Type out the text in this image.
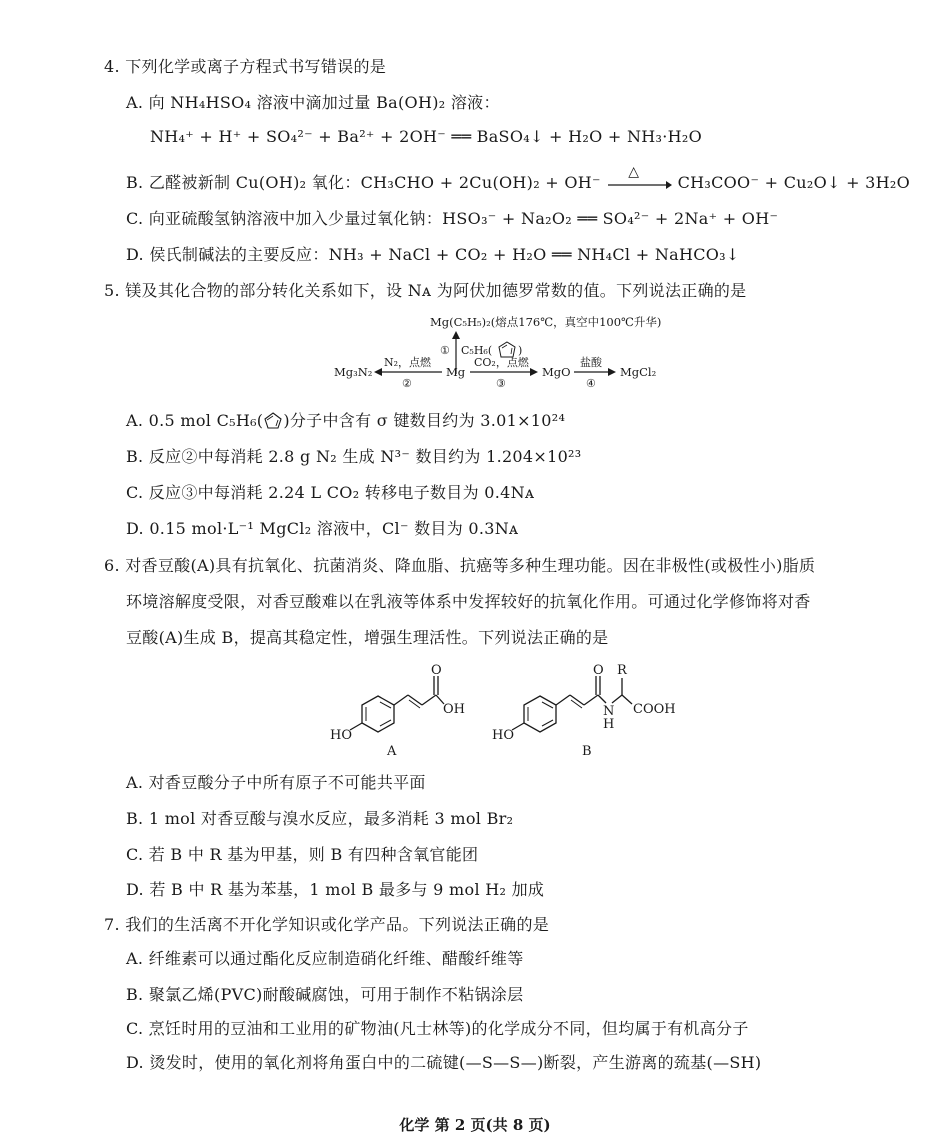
4. 下列化学或离子方程式书写错误的是
A. 向 NH₄HSO₄ 溶液中滴加过量 Ba(OH)₂ 溶液：
NH₄⁺ + H⁺ + SO₄²⁻ + Ba²⁺ + 2OH⁻ ══ BaSO₄↓ + H₂O + NH₃·H₂O
B. 乙醛被新制 Cu(OH)₂ 氧化：CH₃CHO + 2Cu(OH)₂ + OH⁻
△
CH₃COO⁻ + Cu₂O↓ + 3H₂O
C. 向亚硫酸氢钠溶液中加入少量过氧化钠：HSO₃⁻ + Na₂O₂ ══ SO₄²⁻ + 2Na⁺ + OH⁻
D. 侯氏制碱法的主要反应：NH₃ + NaCl + CO₂ + H₂O ══ NH₄Cl + NaHCO₃↓
5. 镁及其化合物的部分转化关系如下，设 Nᴀ 为阿伏加德罗常数的值。下列说法正确的是
Mg(C₅H₅)₂(熔点176℃，真空中100℃升华)
① C₅H₆( )
Mg₃N₂
N₂，点燃
②
Mg
CO₂，点燃
③
MgO
盐酸
④
MgCl₂
A. 0.5 mol C₅H₆( )分子中含有 σ 键数目约为 3.01×10²⁴
B. 反应②中每消耗 2.8 g N₂ 生成 N³⁻ 数目约为 1.204×10²³
C. 反应③中每消耗 2.24 L CO₂ 转移电子数目为 0.4Nᴀ
D. 0.15 mol·L⁻¹ MgCl₂ 溶液中，Cl⁻ 数目为 0.3Nᴀ
6. 对香豆酸(A)具有抗氧化、抗菌消炎、降血脂、抗癌等多种生理功能。因在非极性(或极性小)脂质
环境溶解度受限，对香豆酸难以在乳液等体系中发挥较好的抗氧化作用。可通过化学修饰将对香
豆酸(A)生成 B，提高其稳定性，增强生理活性。下列说法正确的是
O
OH
HO
A
O R
N
H
COOH
HO
B
A. 对香豆酸分子中所有原子不可能共平面
B. 1 mol 对香豆酸与溴水反应，最多消耗 3 mol Br₂
C. 若 B 中 R 基为甲基，则 B 有四种含氧官能团
D. 若 B 中 R 基为苯基，1 mol B 最多与 9 mol H₂ 加成
7. 我们的生活离不开化学知识或化学产品。下列说法正确的是
A. 纤维素可以通过酯化反应制造硝化纤维、醋酸纤维等
B. 聚氯乙烯(PVC)耐酸碱腐蚀，可用于制作不粘锅涂层
C. 烹饪时用的豆油和工业用的矿物油(凡士林等)的化学成分不同，但均属于有机高分子
D. 烫发时，使用的氧化剂将角蛋白中的二硫键(—S—S—)断裂，产生游离的巯基(—SH)
化学 第 2 页(共 8 页)
